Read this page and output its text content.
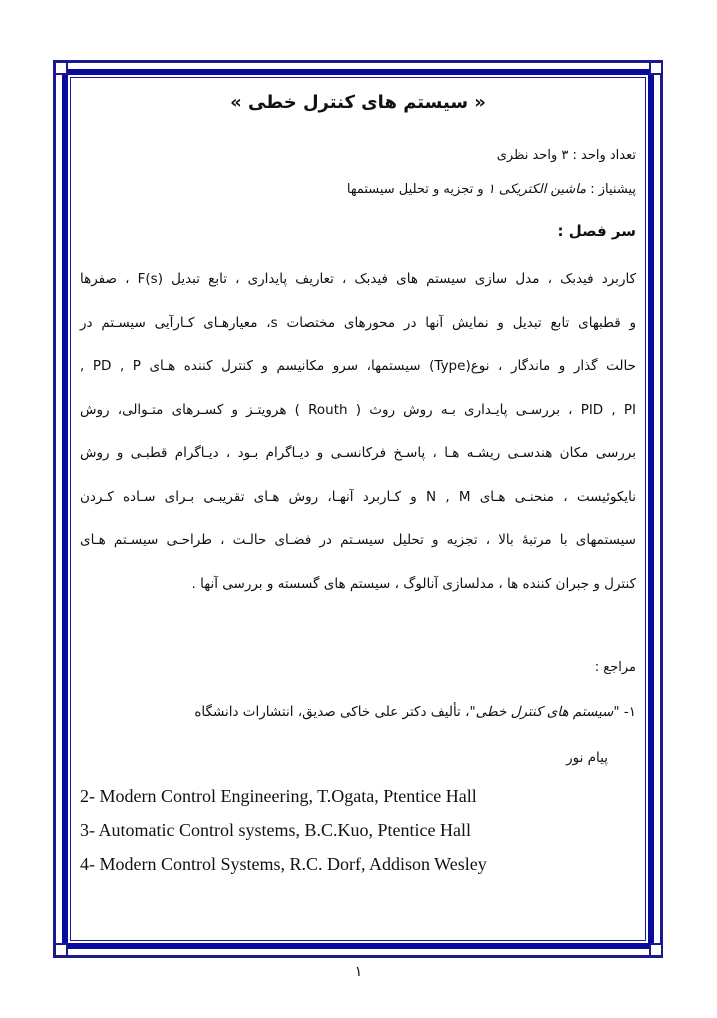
« سیستم های کنترل خطی »
تعداد واحد : ۳ واحد نظری
پیشنیاز : ماشین الکتریکی ۱ و تجزیه و تحلیل سیستمها
سر فصل :
کاربرد فیدبک ، مدل سازی سیستم های فیدبک ، تعاریف پایداری ، تابع تبدیل F(s) ، صفرها
و قطبهای تابع تبدیل و نمایش آنها در محورهای مختصات s، معیارهـای کـارآیی سیسـتم در
حالت گذار و ماندگار ، نوع(Type) سیستمها، سرو مکانیسم و کنترل کننده هـای PD , P ,
PID , PI ، بررسـی پایـداری بـه روش روث ( Routh ) هرویتـز و کسـرهای متـوالی، روش
بررسی مکان هندسـی ریشـه هـا ، پاسـخ فرکانسـی و دیـاگرام بـود ، دیـاگرام قطبـی و روش
نایکوئیست ، منحنـی هـای N , M و کـاربرد آنهـا، روش هـای تقریبـی بـرای سـاده کـردن
سیستمهای با مرتبهٔ بالا ، تجزیه و تحلیل سیسـتم در فضـای حالـت ، طراحـی سیسـتم هـای
کنترل و جبران کننده ها ، مدلسازی آنالوگ ، سیستم های گسسته و بررسی آنها .
مراجع :
۱- "سیستم های کنترل خطی"، تألیف دکتر علی خاکی صدیق، انتشارات دانشگاه
پیام نور
2- Modern Control Engineering, T.Ogata, Ptentice Hall
3- Automatic Control systems, B.C.Kuo, Ptentice Hall
4- Modern Control Systems, R.C. Dorf, Addison Wesley
۱
